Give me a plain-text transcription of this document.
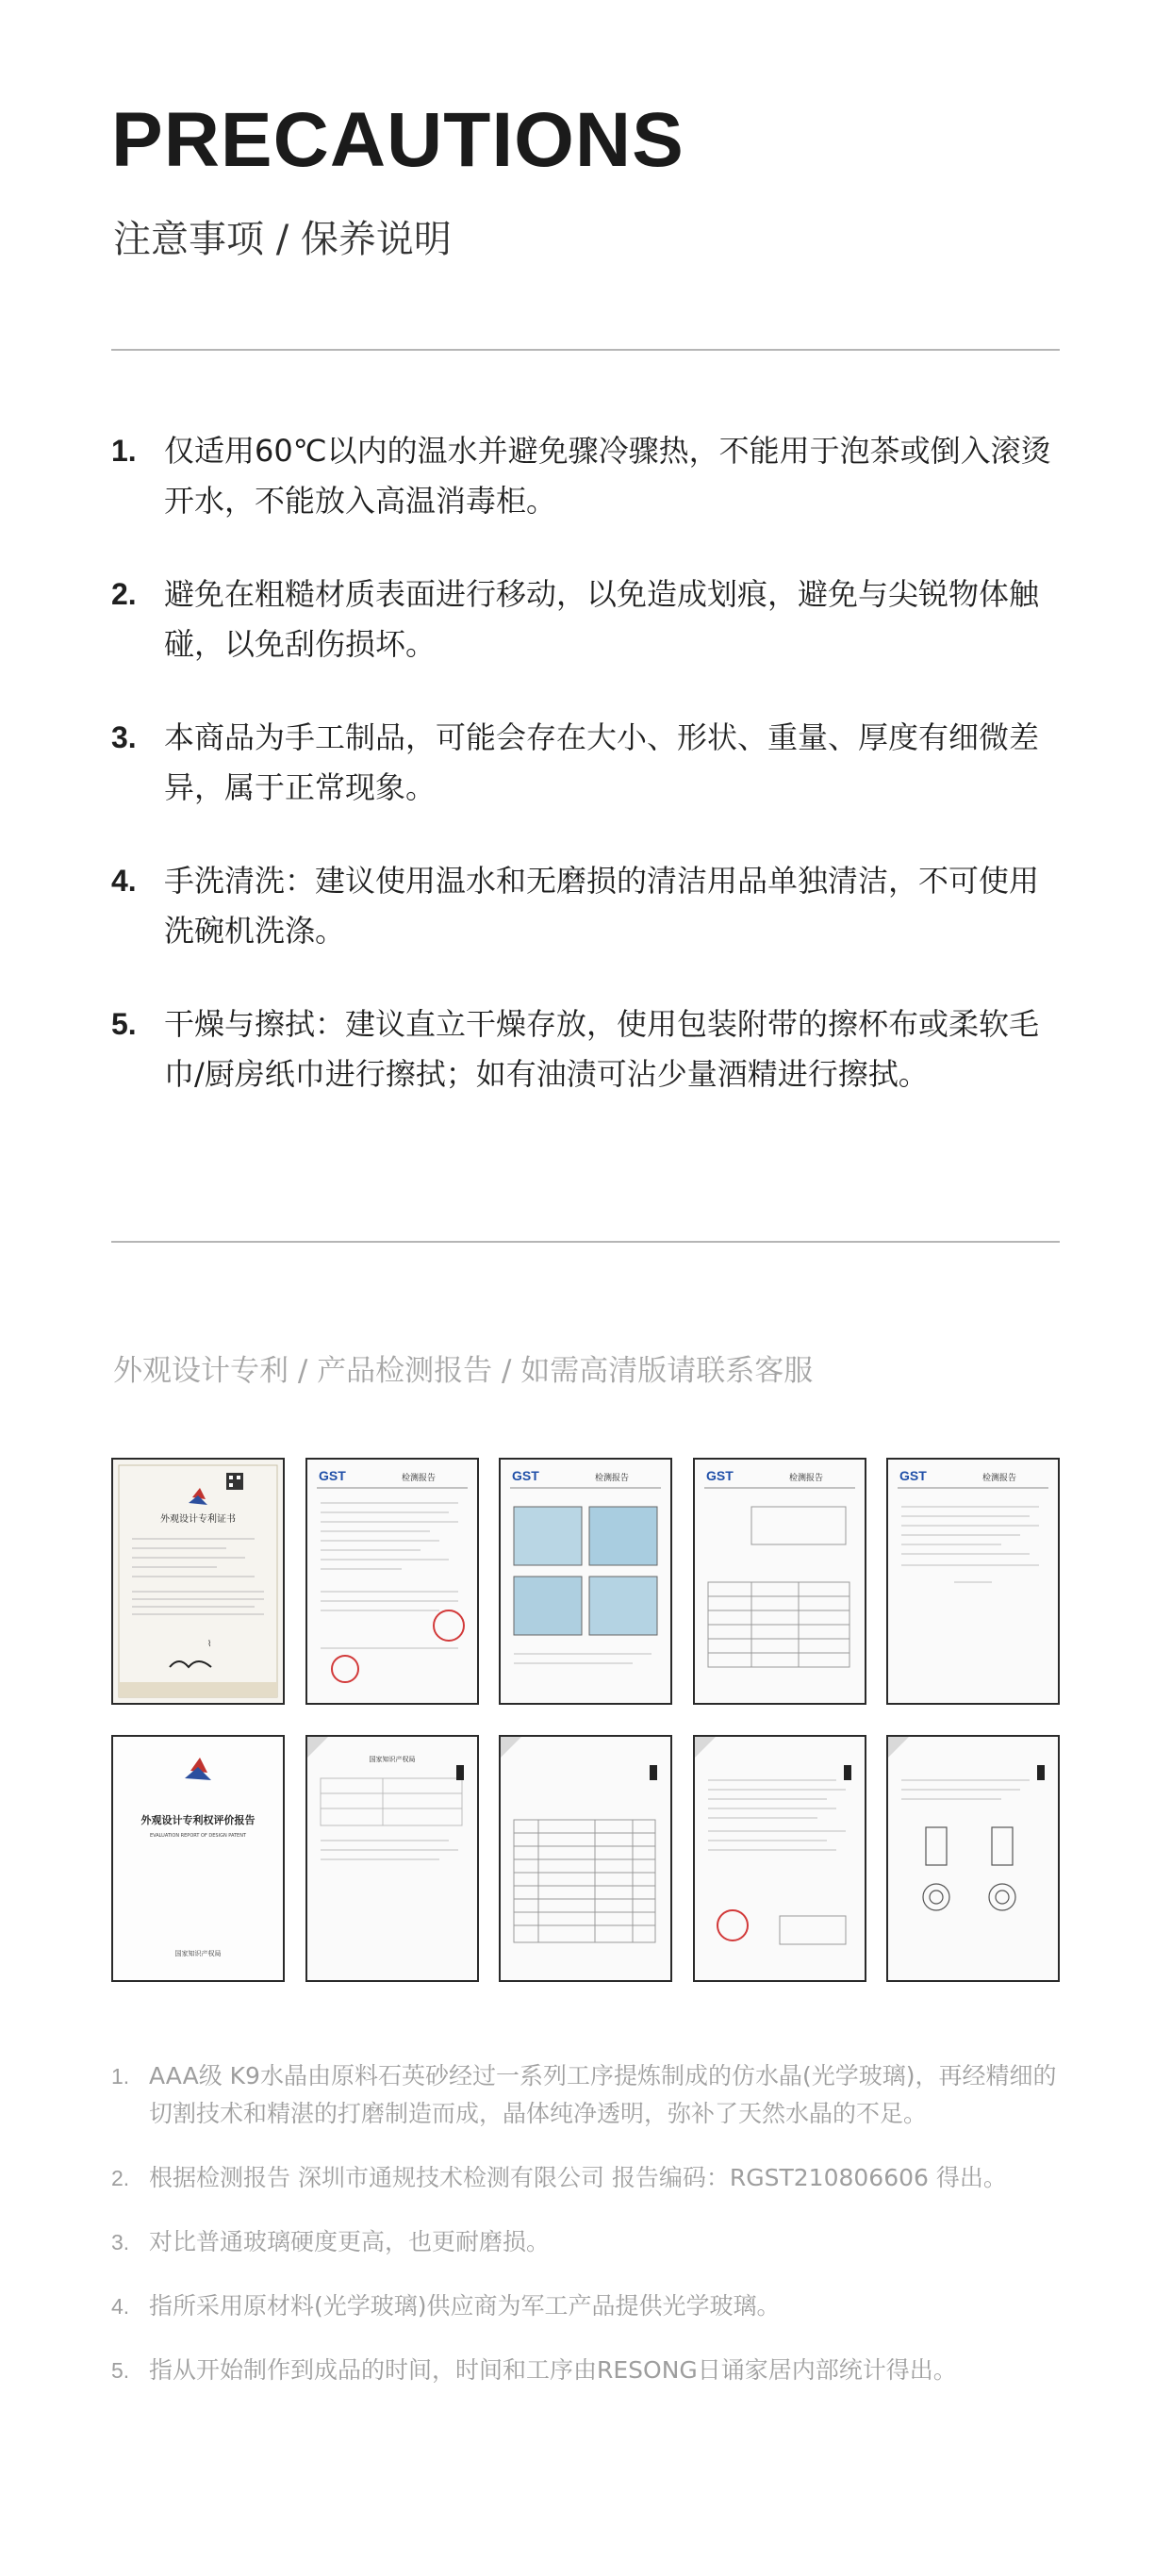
PRECAUTIONS
注意事项 / 保养说明
1. 仅适用60℃以内的温水并避免骤冷骤热，不能用于泡茶或倒入滚烫开水，不能放入高温消毒柜。
2. 避免在粗糙材质表面进行移动，以免造成划痕，避免与尖锐物体触碰，以免刮伤损坏。
3. 本商品为手工制品，可能会存在大小、形状、重量、厚度有细微差异，属于正常现象。
4. 手洗清洗：建议使用温水和无磨损的清洁用品单独清洁，不可使用洗碗机洗涤。
5. 干燥与擦拭：建议直立干燥存放，使用包装附带的擦杯布或柔软毛巾/厨房纸巾进行擦拭；如有油渍可沾少量酒精进行擦拭。
外观设计专利 / 产品检测报告 / 如需高清版请联系客服
外观设计专利证书
⌇
GST	检测报告	GST	检测报告	GST	检测报告	GST	检测报告
外观设计专利权评价报告
EVALUATION REPORT OF DESIGN PATENT
国家知识产权局
国家知识产权局
1. AAA级 K9水晶由原料石英砂经过一系列工序提炼制成的仿水晶(光学玻璃)，再经精细的切割技术和精湛的打磨制造而成，晶体纯净透明，弥补了天然水晶的不足。
2. 根据检测报告 深圳市通规技术检测有限公司 报告编码：RGST210806606 得出。
3. 对比普通玻璃硬度更高，也更耐磨损。
4. 指所采用原材料(光学玻璃)供应商为军工产品提供光学玻璃。
5. 指从开始制作到成品的时间，时间和工序由RESONG日诵家居内部统计得出。
